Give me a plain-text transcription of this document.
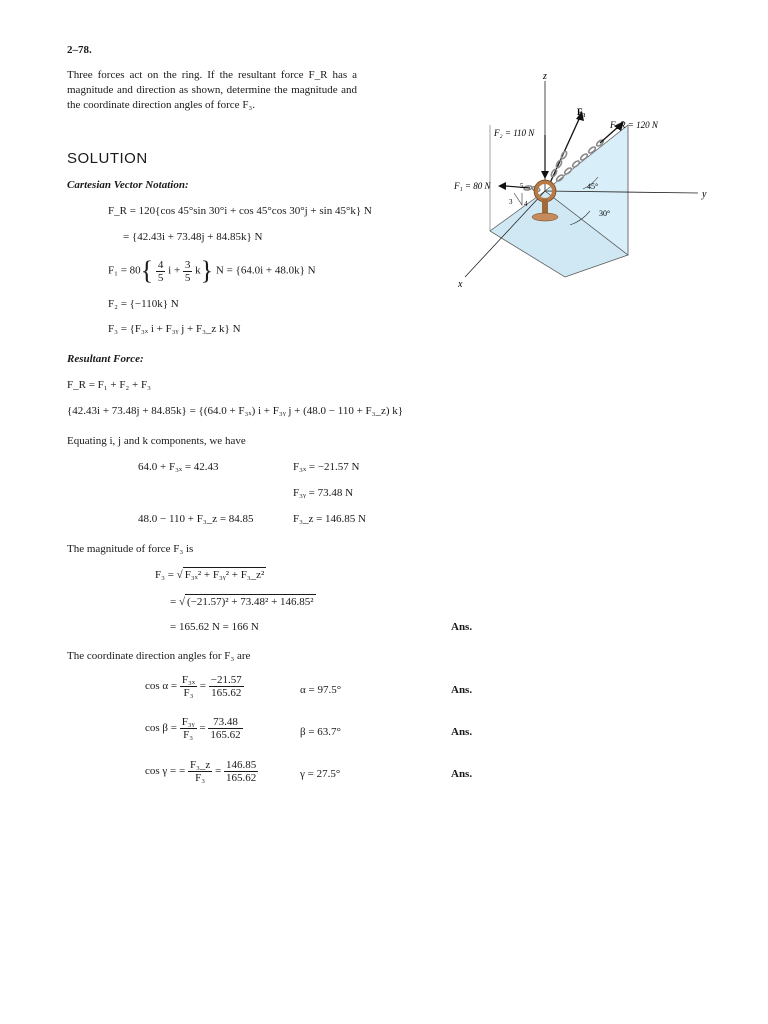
2–78.
Three forces act on the ring. If the resultant force F_R has a magnitude and direction as shown, determine the magnitude and the coordinate direction angles of force F₃.
SOLUTION
z
y
x
3 4
5	45°
30°
F₂ = 110 N
F_R = 120 N
F₃
F₁ = 80 N
Cartesian Vector Notation:
F_R = 120{cos 45°sin 30°i + cos 45°cos 30°j + sin 45°k} N
= {42.43i + 73.48j + 84.85k} N
$F_1 = 80\{ \frac{4}{5}$ $i + \frac{3}{5} k$} N = {64.0i + 48.0k} N
F₂ = {−110k} N
F₃ = {F₃ₓ i + F₃ᵧ j + F₃_z k} N
Resultant Force:
F_R = F₁ + F₂ + F₃
{42.43i + 73.48j + 84.85k} = {(64.0 + F₃ₓ) i + F₃ᵧ j + (48.0 − 110 + F₃_z) k}
Equating i, j and k components, we have
64.0 + F₃ₓ = 42.43	F₃ₓ = −21.57 N
F₃ᵧ = 73.48 N
48.0 − 110 + F₃_z = 84.85	F₃_z = 146.85 N
The magnitude of force F₃ is
F₃ = √ F₃ₓ² + F₃ᵧ² + F₃_z²
= √ (−21.57)² + 73.48² + 146.85²
= 165.62 N = 166 N	Ans.
The coordinate direction angles for F₃ are
$\cos \alpha = \frac{\text{F₃ₓ}}{\text{F₃}} = \frac{-21.57}{165.62}$	α = 97.5°	Ans.
$\cos \beta = \frac{\text{F₃ᵧ}}{\text{F₃}} = \frac{73.48}{165.62}$	β = 63.7°	Ans.
cos γ = = $\frac{\text{F₃\_z}}{\text{F₃}} = \frac{146.85}{165.62}$	γ = 27.5°	Ans.
